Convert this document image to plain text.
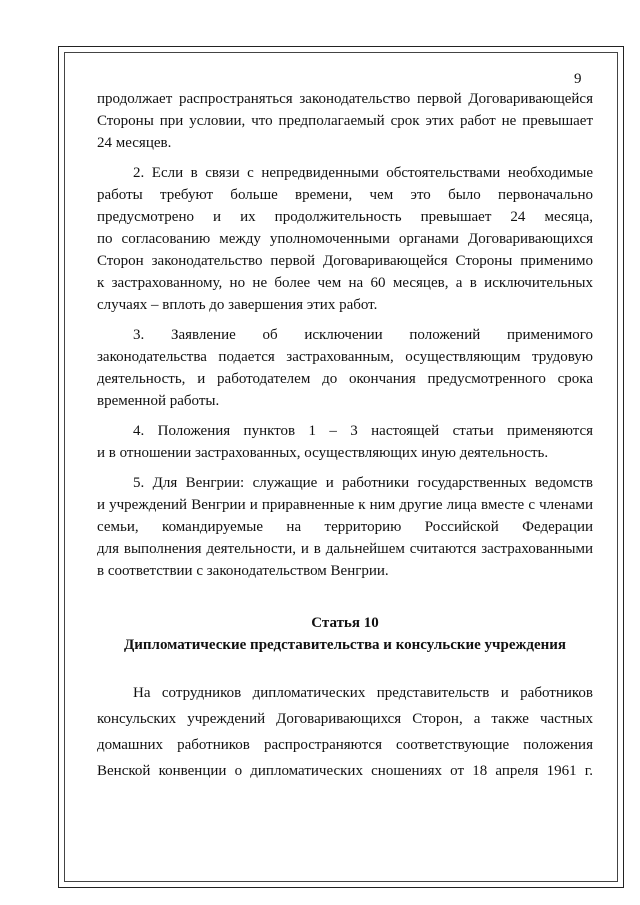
9

продолжает распространяться законодательство первой Договаривающейся

Стороны при условии, что предполагаемый срок этих работ не превышает

24 месяцев.

2. Если в связи с непредвиденными обстоятельствами необходимые

работы требуют больше времени, чем это было первоначально

предусмотрено и их продолжительность превышает 24 месяца,

по согласованию между уполномоченными органами Договаривающихся

Сторон законодательство первой Договаривающейся Стороны применимо

к застрахованному, но не более чем на 60 месяцев, а в исключительных

случаях – вплоть до завершения этих работ.

3. Заявление об исключении положений применимого

законодательства подается застрахованным, осуществляющим трудовую

деятельность, и работодателем до окончания предусмотренного срока

временной работы.

4. Положения пунктов 1 – 3 настоящей статьи применяются

и в отношении застрахованных, осуществляющих иную деятельность.

5. Для Венгрии: служащие и работники государственных ведомств

и учреждений Венгрии и приравненные к ним другие лица вместе с членами

семьи, командируемые на территорию Российской Федерации

для выполнения деятельности, и в дальнейшем считаются застрахованными

в соответствии с законодательством Венгрии.

Статья 10

Дипломатические представительства и консульские учреждения

На сотрудников дипломатических представительств и работников

консульских учреждений Договаривающихся Сторон, а также частных

домашних работников распространяются соответствующие положения

Венской конвенции о дипломатических сношениях от 18 апреля 1961 г.
